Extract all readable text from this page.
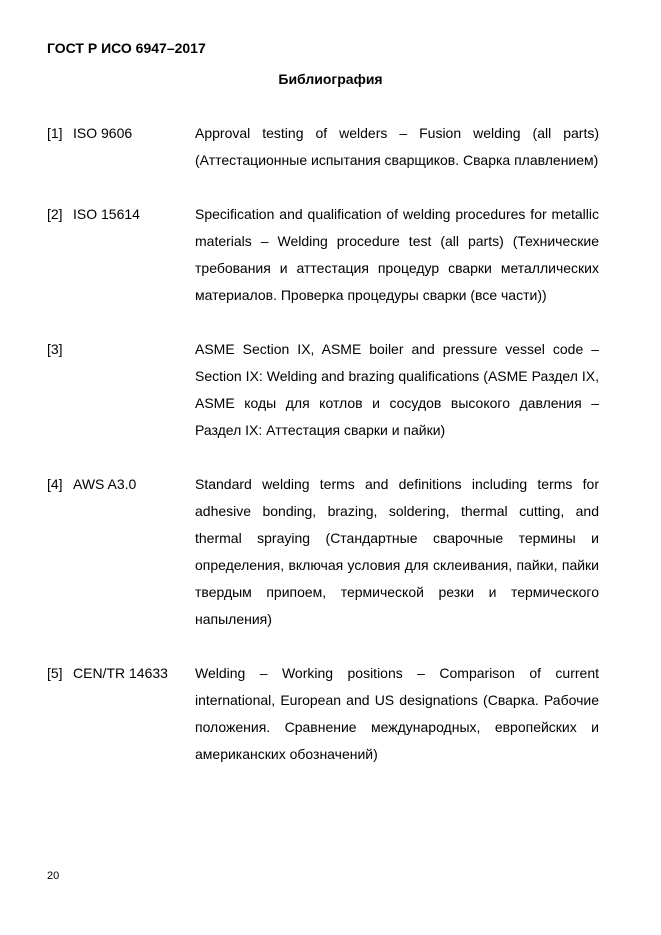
ГОСТ Р ИСО 6947–2017
Библиография
[1] ISO 9606	Approval testing of welders – Fusion welding (all parts) (Аттестационные испытания сварщиков. Сварка плавлением)
[2] ISO 15614	Specification and qualification of welding procedures for metallic materials – Welding procedure test (all parts) (Технические требования и аттестация процедур сварки металлических материалов. Проверка процедуры сварки (все части))
[3]	ASME Section IX, ASME boiler and pressure vessel code – Section IX: Welding and brazing qualifications (ASME Раздел IX, ASME коды для котлов и сосудов высокого давления – Раздел IX: Аттестация сварки и пайки)
[4] AWS A3.0	Standard welding terms and definitions including terms for adhesive bonding, brazing, soldering, thermal cutting, and thermal spraying (Стандартные сварочные термины и определения, включая условия для склеивания, пайки, пайки твердым припоем, термической резки и термического напыления)
[5] CEN/TR 14633	Welding – Working positions – Comparison of current international, European and US designations (Сварка. Рабочие положения. Сравнение международных, европейских и американских обозначений)
20
